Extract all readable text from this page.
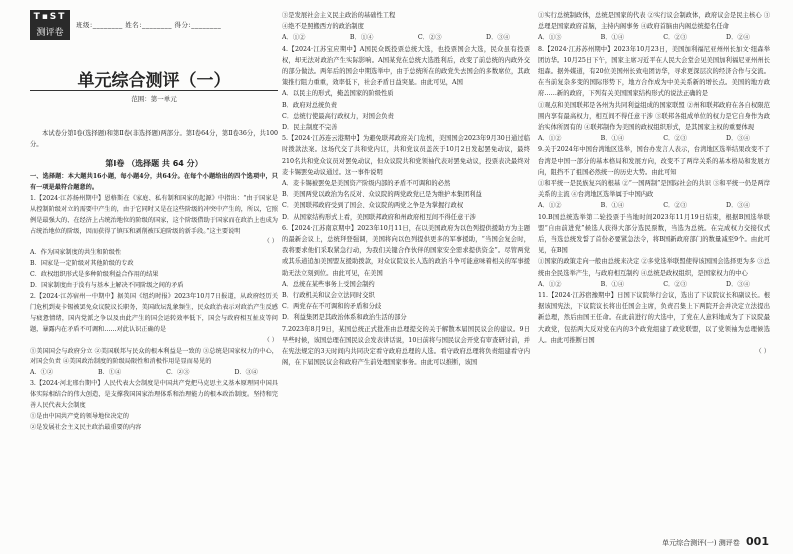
T▪ST
测评卷
班级:________ 姓名:________ 得分:________
单元综合测评（一）
范围：第一单元
本试卷分第Ⅰ卷(选择题)和第Ⅱ卷(非选择题)两部分。第Ⅰ卷64分，第Ⅱ卷36分，共100分。
第Ⅰ卷 （选择题 共 64 分）

一、选择题：本大题共16小题，每小题4分，共64分。在每个小题给出的四个选项中，只有一项是最符合题意的。

1.【2024·江苏扬州期中】恩格斯在《家庭、私有制和国家的起源》中指出：“由于国家是从控制阶级对立的需要中产生的，由于它同时又是在这些阶级的冲突中产生的，所以，它照例是最强大的、在经济上占统治地位的阶级的国家，这个阶级借助于国家而在政治上也成为占统治地位的阶级，因而获得了镇压和剥削被压迫阶级的新手段。”这主要说明

（ ）

A．作为国家制度的共生和阶级性

B．国家是一定阶级对其他阶级的专政

C．政权组织形式是多种阶级利益合作用的结果

D．国家制度由于没有与基本上解决不同阶级之间的矛盾

2.【2024·江苏宿州一中期中】据美国《纽约时报》2023年10月7日报道，从政府经历关门危机到麦卡锡被罢免众议院议长职务，美国政坛乱象频生，民众政治表示对政治产生反感与疲惫情绪，国内党派之争以及由此产生的国会运转效率低下，国会与政府相互扯皮等问题，暴露内在矛盾不可调和……对此认识正确的是

（ ）

①美国国会与政府分立 ②美国联邦与民众的根本利益是一致的 ③总统是国家权力的中心，对国会负责 ④美国政治制度的阶级局限性和消极作用是显而易见的

A．①②	B．①④	C．②③	D．③④

3.【2024·河北邢台期中】人民代表大会制度是中国共产党把马克思主义基本原理同中国具体实际相结合的伟大创造，是支撑我国国家治理体系和治理能力的根本政治制度。坚持和完善人民代表大会制度

①是由中国共产党的领导地位决定的

②是发展社会主义民主政治最重要的内容

③是发展社会主义民主政治的基础性工程

④绝不是照搬西方的政治制度

A．①②	B．①④	C．②③	D．③④

4.【2024·江苏宝应期中】A国民众既投票总统大选，也投票国会大选，民众虽有投票权，却无法对政治产生实际影响。A国某党在总统大选胜利后，改变了前总统的内政外交的部分做法。两年后的国会中期选举中，由于总统所在的政党失去国会的多数席位，其政策推行阻力重重，效率低下，社会矛盾日益突显。由此可见，A国

A．以民主的形式，掩盖国家的阶级性质

B．政府对总统负责

C．总统行使最高行政权力，对国会负责

D．民主制度不完善

5.【2024·江苏连云港期中】为避免联邦政府关门危机，美国国会2023年9月30日通过临时拨款法案。这场代交了共和党内讧，共和党议员盖茨于10月2日发起罢免动议，最终210名共和党众议员对罢免动议，但众议院共和党领袖代表对罢免动议，投票表决最终对麦卡锡罢免动议通过。这一事件说明

A．麦卡锡被罢免是美国资产阶级内部的矛盾不可调和的必然

B．美国两党以政治为名反对、众议院的两党政党已是为维护本集团利益

C．美国联邦政府受到了国会、众议院的两党之争是为掌握行政权

D．从国家结构形式上看，美国联邦政府和州政府相互间不得任意干涉

6.【2024·江苏南京期中】2023年10月11日，在以美国政府为以色列提供援助方为主题的最新会议上，总统拜登强调，美国将向以色列提供更多的军事援助，“当国会复会时，我将要求他们采取紧急行动，为我们关键合作伙伴的国家安全需求提供资金”。尽管两党或其乐道追加美国盟友援助拨款，对众议院议长人选的政治斗争可能意味着相关的军事援助无法立刻到位。由此可见，在美国

A．总统在某些事务上受国会制约

B．行政机关和议会立法同时交织

C．两党存在不可调和的矛盾和分歧

D．利益集团是其政治体系和政治生活的部分

7.2023年8月9日，某国总统正式批准由总理提交的关于解散本届国民议会的建议。9日早些时候，该国总理在国民议会发表讲话说，10日前将与国民议会开党有审查研讨前，并在宪法规定的3天时间内共同决定看守政府总理的人选。看守政府总理将负责组建看守内阁，在下届国民议会和政府产生前处理国家事务。由此可以推断，该国

①实行总统制政体，总统是国家的代表 ②实行议会制政体，政府议会是民主核心 ③总理是国家政府首脑，主持内阁事务 ④政府首脑由内阁总统提名任命

A．①③	B．①④	C．②③	D．②④

8.【2024·江苏苏州期中】2023年10月23日，美国加利福尼亚州州长加文·纽森举团访华。10月25日下午，国家主席习近平在人民大会堂会见美国加利福尼亚州州长纽森。据外媒道，有20位美国州长致电团访华，寻求更深层次的经济合作与交流。在当前复杂多变的国际形势下，地方合作成为中美关系新的增长点。美国的地方政府……新的政府，下列有关美国国家结构形式的说法正确的是

①观点和美国联邦是各州为共同利益组成的国家联盟 ②州和联邦政府在各自权限范围内享有最高权力，相互间不得任意干涉 ③联邦各组成单位的权力是它自身作为政治实体所固有的 ④联邦制作为美国的政权组织形式，是其国家主权的重要体现

A．①②	B．①④	C．②③	D．③④

9.关于2024年中国台湾地区选举，国台办发言人表示，台湾地区选举结果改变不了台湾是中国一部分的基本格局和发展方向，改变不了两岸关系的基本格局和发展方向，阻挡不了祖国必然统一的历史大势。由此可知

①和平统一是民族复兴的根基 ②“一国两制”是国际社会的共识 ③和平统一仍是两岸关系的主流 ④台湾地区选举属于中国内政

A．①②	B．①④	C．②③	D．③④

10.B国总统选举第二轮投票于当地时间2023年11月19日结束，根据B国选举联盟“自由前进党”候选人获得大部分选民票数，当选为总统。在完成权力交接仪式后，当选总统发誓了首份必要紧急法令，将B国新政府部门的数量减至9个。由此可见，在B国

①国家的政策走向一般由总统来决定 ②多党选举联盟使得该国国会选择更为多 ③总统由全民选举产生，与政府相互制约 ④总统是政权组织，是国家权力的中心

A．①②	B．①④	C．②③	D．③④

11.【2024·江苏宿豫期中】日国下议院举行会议，选出了下议院议长和副议长。根据该国宪法，下议院议长将出任国会主席，负责召集上下两院开会并决定立法提出新总理，然后由国王任命。在此前进行的大选中，了党在人意料地成为了下议院最大政党，包括两大反对党在内的3个政党组建了政党联盟，以了党领袖为总理候选人。由此可推断日国

（ ）
单元综合测评(一) 测评卷 001
